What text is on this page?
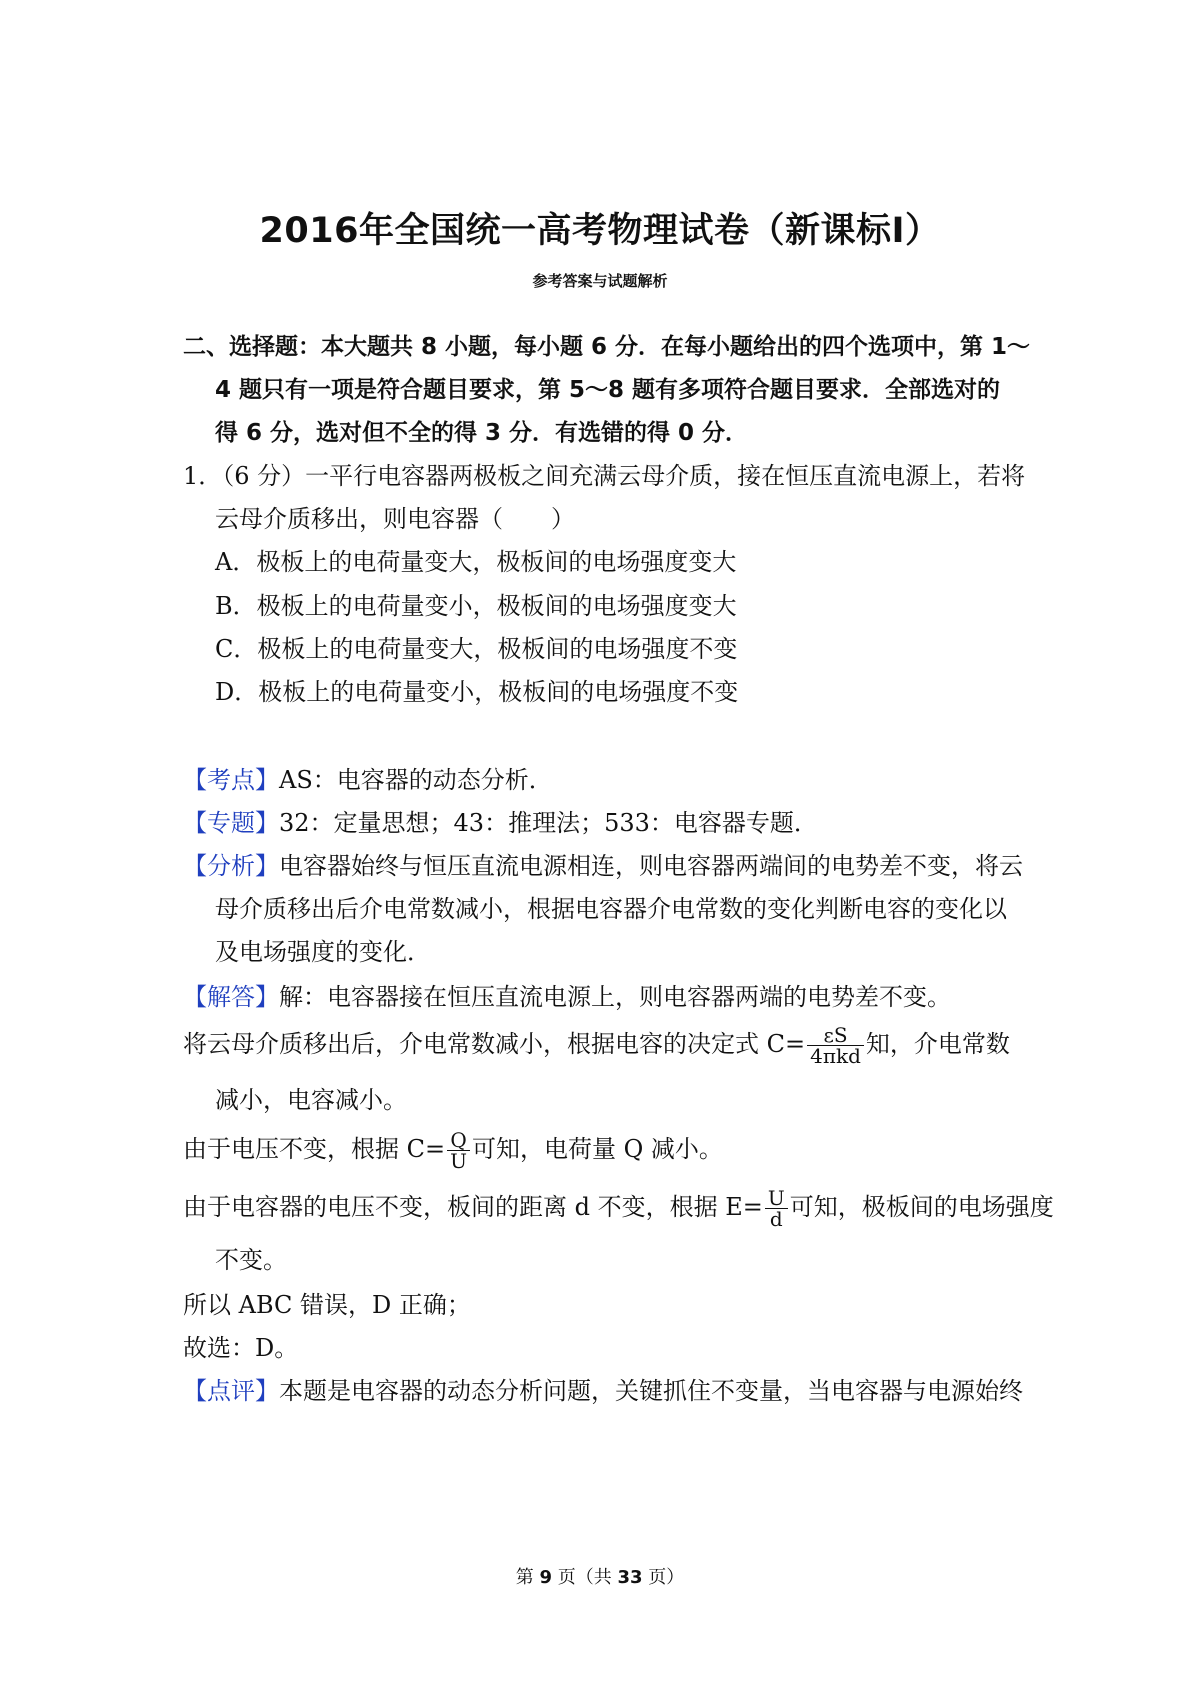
2016年全国统一高考物理试卷（新课标Ⅰ）
参考答案与试题解析
二、选择题：本大题共 8 小题，每小题 6 分．在每小题给出的四个选项中，第 1～
4 题只有一项是符合题目要求，第 5～8 题有多项符合题目要求．全部选对的
得 6 分，选对但不全的得 3 分．有选错的得 0 分．
1．（6 分）一平行电容器两极板之间充满云母介质，接在恒压直流电源上，若将
云母介质移出，则电容器（　　）
A．极板上的电荷量变大，极板间的电场强度变大
B．极板上的电荷量变小，极板间的电场强度变大
C．极板上的电荷量变大，极板间的电场强度不变
D．极板上的电荷量变小，极板间的电场强度不变
【考点】AS：电容器的动态分析．
【专题】32：定量思想；43：推理法；533：电容器专题．
【分析】电容器始终与恒压直流电源相连，则电容器两端间的电势差不变，将云
母介质移出后介电常数减小，根据电容器介电常数的变化判断电容的变化以
及电场强度的变化．
【解答】解：电容器接在恒压直流电源上，则电容器两端的电势差不变。
将云母介质移出后，介电常数减小，根据电容的决定式 $C= \frac{\varepsilon S}{\text{4πkd}}$ 知，介电常数
减小，电容减小。
由于电压不变，根据 $C= \frac{Q}{U}$ 可知，电荷量 Q 减小。
由于电容器的电压不变，板间的距离 d 不变，根据 $E= \frac{U}{d}$ 可知，极板间的电场强度
不变。
所以 ABC 错误，D 正确；
故选：D。
【点评】本题是电容器的动态分析问题，关键抓住不变量，当电容器与电源始终
第 9 页（共 33 页）
